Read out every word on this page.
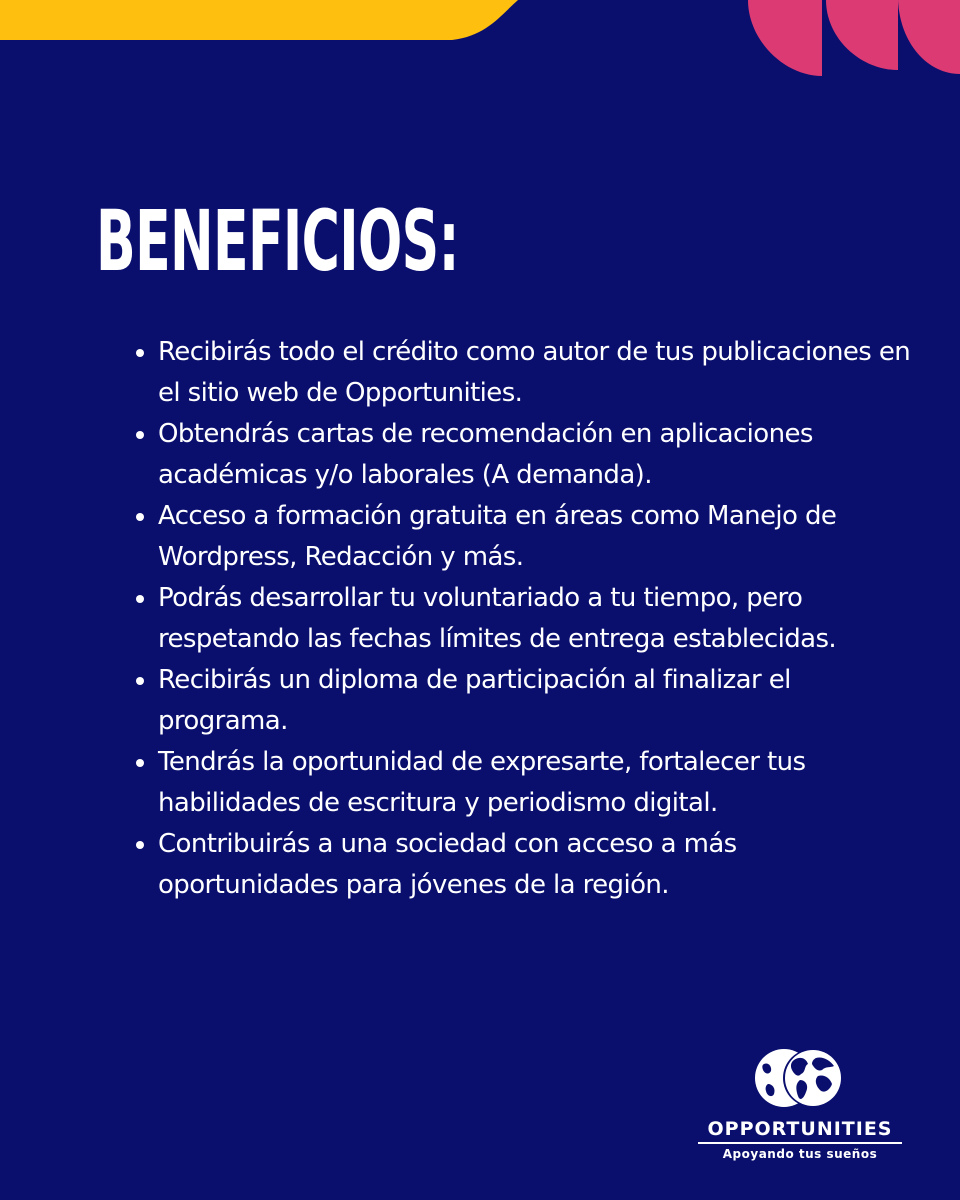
BENEFICIOS:
Recibirás todo el crédito como autor de tus publicaciones en el sitio web de Opportunities.
Obtendrás cartas de recomendación en aplicaciones académicas y/o laborales (A demanda).
Acceso a formación gratuita en áreas como Manejo de Wordpress, Redacción y más.
Podrás desarrollar tu voluntariado a tu tiempo, pero respetando las fechas límites de entrega establecidas.
Recibirás un diploma de participación al finalizar el programa.
Tendrás la oportunidad de expresarte, fortalecer tus habilidades de escritura y periodismo digital.
Contribuirás a una sociedad con acceso a más oportunidades para jóvenes de la región.
OPPORTUNITIES
Apoyando tus sueños
